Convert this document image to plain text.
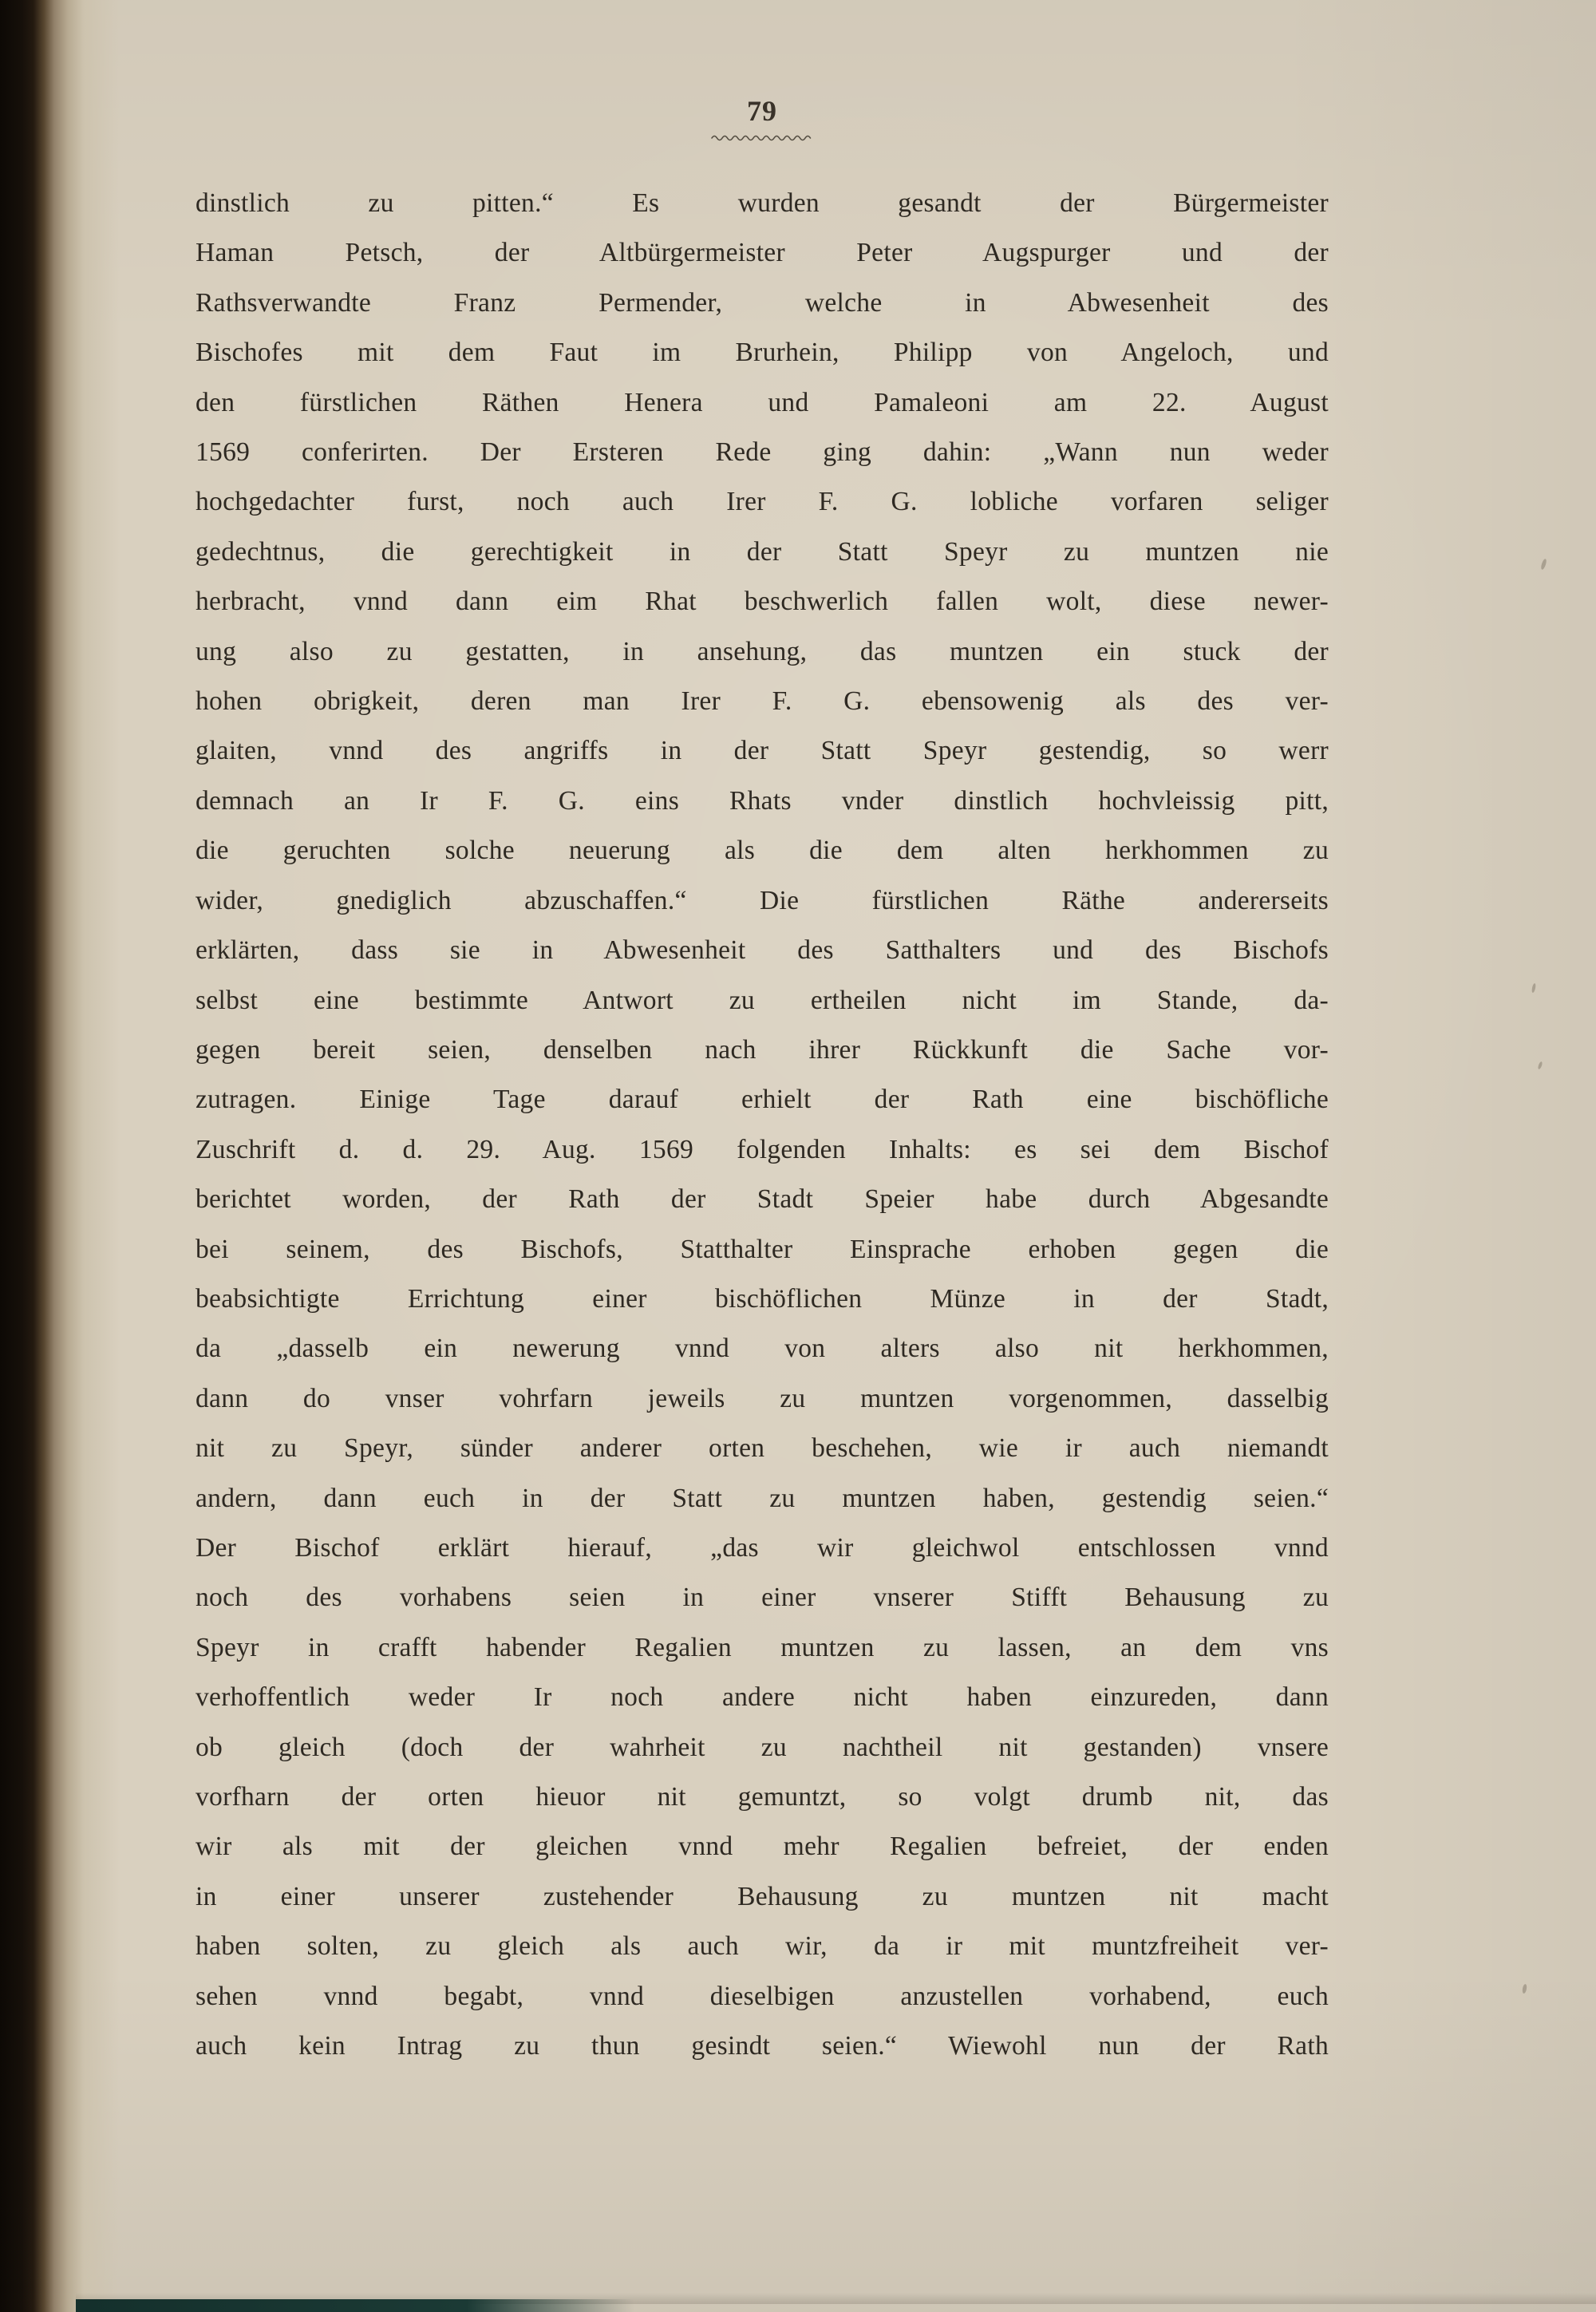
79
dinstlich zu pitten.“ Es wurden gesandt der Bürgermeister
Haman Petsch, der Altbürgermeister Peter Augspurger und der
Rathsverwandte Franz Permender, welche in Abwesenheit des
Bischofes mit dem Faut im Brurhein, Philipp von Angeloch, und
den fürstlichen Räthen Henera und Pamaleoni am 22. August
1569 conferirten. Der Ersteren Rede ging dahin: „Wann nun weder
hochgedachter furst, noch auch Irer F. G. lobliche vorfaren seliger
gedechtnus, die gerechtigkeit in der Statt Speyr zu muntzen nie
herbracht, vnnd dann eim Rhat beschwerlich fallen wolt, diese newer-
ung also zu gestatten, in ansehung, das muntzen ein stuck der
hohen obrigkeit, deren man Irer F. G. ebensowenig als des ver-
glaiten, vnnd des angriffs in der Statt Speyr gestendig, so werr
demnach an Ir F. G. eins Rhats vnder dinstlich hochvleissig pitt,
die geruchten solche neuerung als die dem alten herkhommen zu
wider, gnediglich abzuschaffen.“ Die fürstlichen Räthe andererseits
erklärten, dass sie in Abwesenheit des Satthalters und des Bischofs
selbst eine bestimmte Antwort zu ertheilen nicht im Stande, da-
gegen bereit seien, denselben nach ihrer Rückkunft die Sache vor-
zutragen. Einige Tage darauf erhielt der Rath eine bischöfliche
Zuschrift d. d. 29. Aug. 1569 folgenden Inhalts: es sei dem Bischof
berichtet worden, der Rath der Stadt Speier habe durch Abgesandte
bei seinem, des Bischofs, Statthalter Einsprache erhoben gegen die
beabsichtigte Errichtung einer bischöflichen Münze in der Stadt,
da „dasselb ein newerung vnnd von alters also nit herkhommen,
dann do vnser vohrfarn jeweils zu muntzen vorgenommen, dasselbig
nit zu Speyr, sünder anderer orten beschehen, wie ir auch niemandt
andern, dann euch in der Statt zu muntzen haben, gestendig seien.“
Der Bischof erklärt hierauf, „das wir gleichwol entschlossen vnnd
noch des vorhabens seien in einer vnserer Stifft Behausung zu
Speyr in crafft habender Regalien muntzen zu lassen, an dem vns
verhoffentlich weder Ir noch andere nicht haben einzureden, dann
ob gleich (doch der wahrheit zu nachtheil nit gestanden) vnsere
vorfharn der orten hieuor nit gemuntzt, so volgt drumb nit, das
wir als mit der gleichen vnnd mehr Regalien befreiet, der enden
in einer unserer zustehender Behausung zu muntzen nit macht
haben solten, zu gleich als auch wir, da ir mit muntzfreiheit ver-
sehen vnnd begabt, vnnd dieselbigen anzustellen vorhabend, euch
auch kein Intrag zu thun gesindt seien.“ Wiewohl nun der Rath
